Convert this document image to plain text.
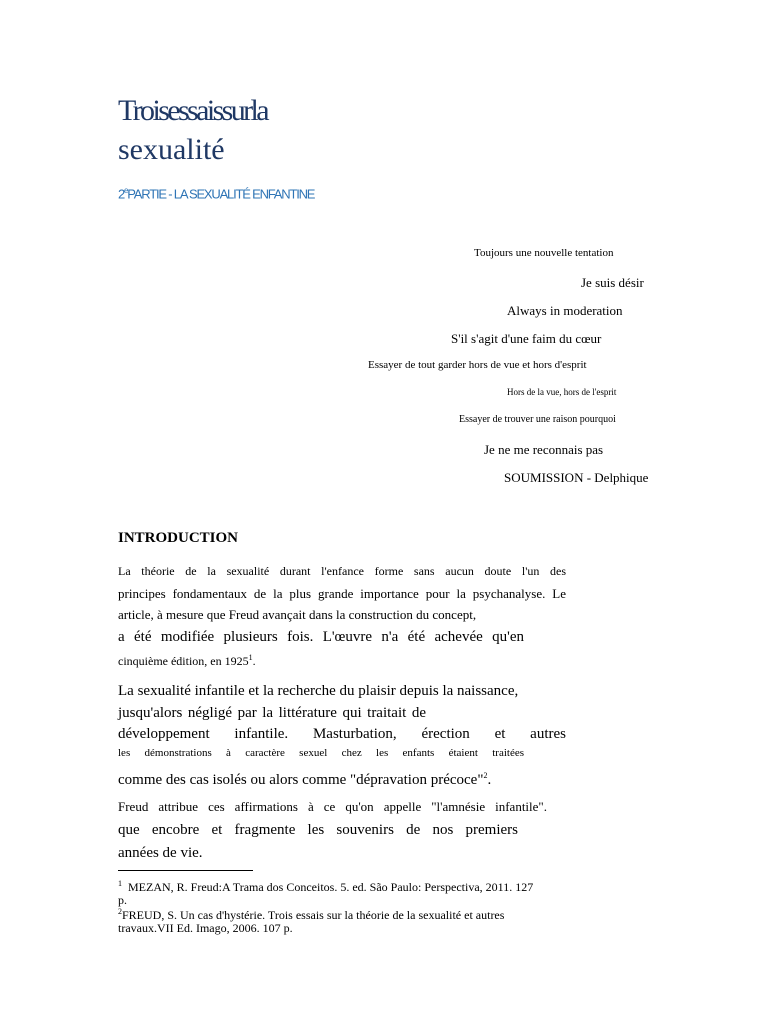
Troisessaissurla
sexualité
2ePARTIE - LA SEXUALITÉ ENFANTINE
Toujours une nouvelle tentation
Je suis désir
Always in moderation
S'il s'agit d'une faim du cœur
Essayer de tout garder hors de vue et hors d'esprit
Hors de la vue, hors de l'esprit
Essayer de trouver une raison pourquoi
Je ne me reconnais pas
SOUMISSION - Delphique
INTRODUCTION
La théorie de la sexualité durant l'enfance forme sans aucun doute l'un des
principes fondamentaux de la plus grande importance pour la psychanalyse. Le
article, à mesure que Freud avançait dans la construction du concept,
a été modifiée plusieurs fois. L'œuvre n'a été achevée qu'en
cinquième édition, en 1925$^1$.
La sexualité infantile et la recherche du plaisir depuis la naissance,
jusqu'alors négligé par la littérature qui traitait de
développement infantile. Masturbation, érection et autres
les démonstrations à caractère sexuel chez les enfants étaient traitées
comme des cas isolés ou alors comme "dépravation précoce"$^2$.
Freud attribue ces affirmations à ce qu'on appelle "l'amnésie infantile".
que encobre et fragmente les souvenirs de nos premiers
années de vie.
$^1$ MEZAN, R. Freud:A Trama dos Conceitos. 5. ed. São Paulo: Perspectiva, 2011. 127
p.
$^2$FREUD, S. Un cas d'hystérie. Trois essais sur la théorie de la sexualité et autres
travaux.VII Ed. Imago, 2006. 107 p.
